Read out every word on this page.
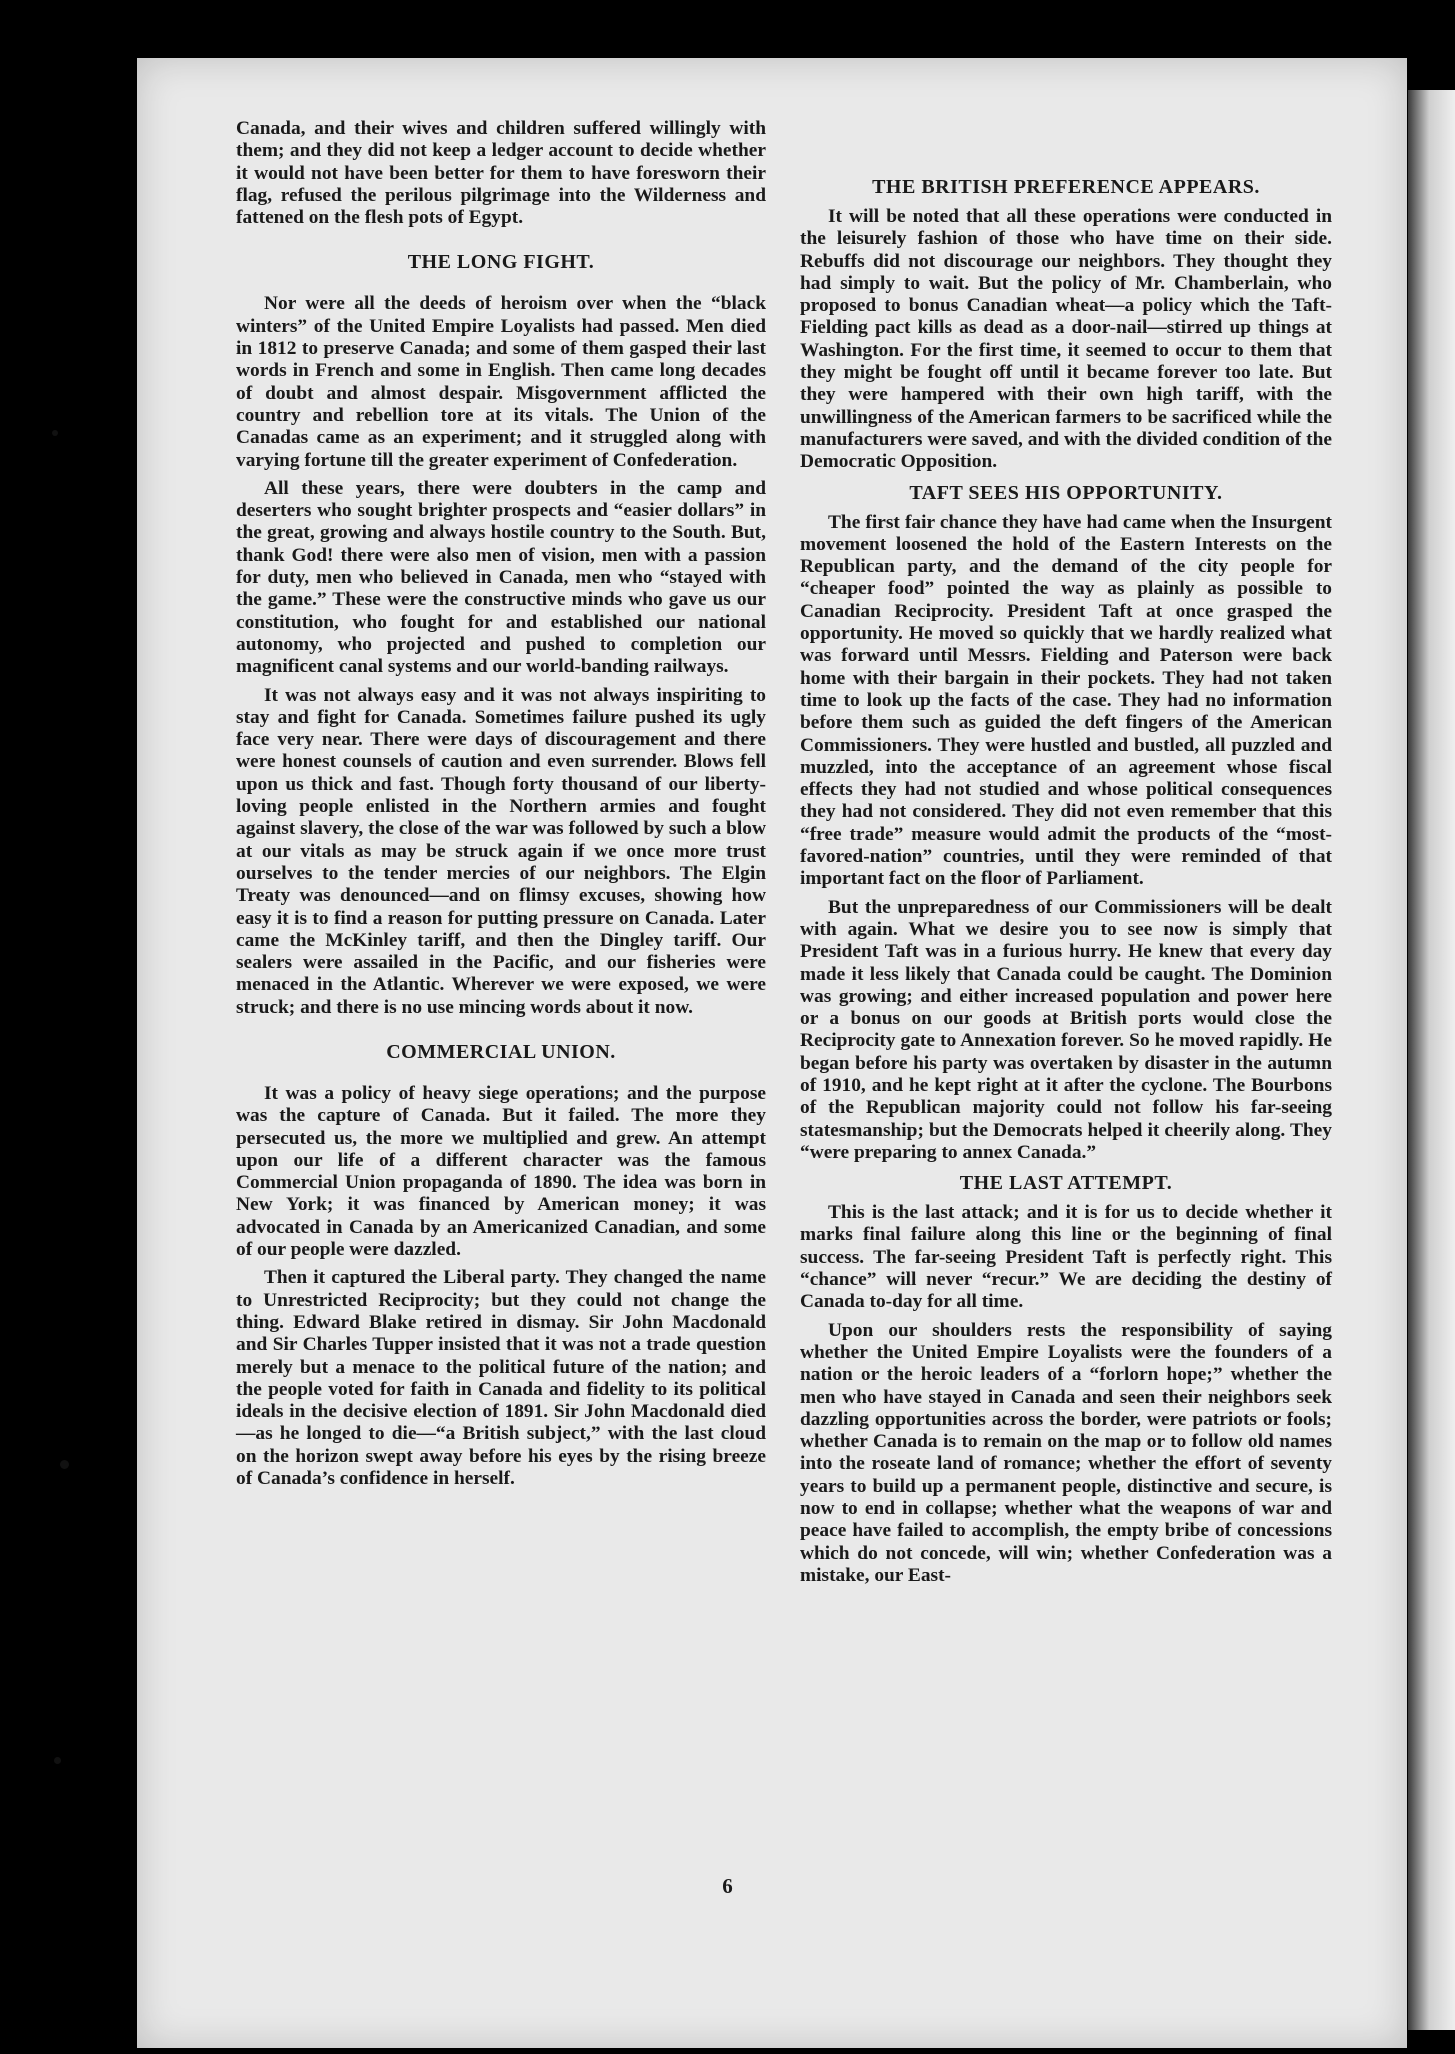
Canada, and their wives and children suffered willingly with them; and they did not keep a ledger account to decide whether it would not have been better for them to have foresworn their flag, refused the perilous pilgrimage into the Wilderness and fattened on the flesh pots of Egypt.

THE LONG FIGHT.

Nor were all the deeds of heroism over when the “black winters” of the United Empire Loyalists had passed. Men died in 1812 to preserve Canada; and some of them gasped their last words in French and some in English. Then came long decades of doubt and almost despair. Misgovernment afflicted the country and rebellion tore at its vitals. The Union of the Canadas came as an experiment; and it struggled along with varying fortune till the greater experiment of Confederation.

All these years, there were doubters in the camp and deserters who sought brighter prospects and “easier dollars” in the great, growing and always hostile country to the South. But, thank God! there were also men of vision, men with a passion for duty, men who believed in Canada, men who “stayed with the game.” These were the constructive minds who gave us our constitution, who fought for and established our national autonomy, who projected and pushed to completion our magnificent canal systems and our world-banding railways.

It was not always easy and it was not always inspiriting to stay and fight for Canada. Sometimes failure pushed its ugly face very near. There were days of discouragement and there were honest counsels of caution and even surrender. Blows fell upon us thick and fast. Though forty thousand of our liberty-loving people enlisted in the Northern armies and fought against slavery, the close of the war was followed by such a blow at our vitals as may be struck again if we once more trust ourselves to the tender mercies of our neighbors. The Elgin Treaty was denounced—and on flimsy excuses, showing how easy it is to find a reason for putting pressure on Canada. Later came the McKinley tariff, and then the Dingley tariff. Our sealers were assailed in the Pacific, and our fisheries were menaced in the Atlantic. Wherever we were exposed, we were struck; and there is no use mincing words about it now.

COMMERCIAL UNION.

It was a policy of heavy siege operations; and the purpose was the capture of Canada. But it failed. The more they persecuted us, the more we multiplied and grew. An attempt upon our life of a different character was the famous Commercial Union propaganda of 1890. The idea was born in New York; it was financed by American money; it was advocated in Canada by an Americanized Canadian, and some of our people were dazzled.

Then it captured the Liberal party. They changed the name to Unrestricted Reciprocity; but they could not change the thing. Edward Blake retired in dismay. Sir John Macdonald and Sir Charles Tupper insisted that it was not a trade question merely but a menace to the political future of the nation; and the people voted for faith in Canada and fidelity to its political ideals in the decisive election of 1891. Sir John Macdonald died—as he longed to die—“a British subject,” with the last cloud on the horizon swept away before his eyes by the rising breeze of Canada’s confidence in herself.

THE BRITISH PREFERENCE APPEARS.

It will be noted that all these operations were conducted in the leisurely fashion of those who have time on their side. Rebuffs did not discourage our neighbors. They thought they had simply to wait. But the policy of Mr. Chamberlain, who proposed to bonus Canadian wheat—a policy which the Taft-Fielding pact kills as dead as a door-nail—stirred up things at Washington. For the first time, it seemed to occur to them that they might be fought off until it became forever too late. But they were hampered with their own high tariff, with the unwillingness of the American farmers to be sacrificed while the manufacturers were saved, and with the divided condition of the Democratic Opposition.

TAFT SEES HIS OPPORTUNITY.

The first fair chance they have had came when the Insurgent movement loosened the hold of the Eastern Interests on the Republican party, and the demand of the city people for “cheaper food” pointed the way as plainly as possible to Canadian Reciprocity. President Taft at once grasped the opportunity. He moved so quickly that we hardly realized what was forward until Messrs. Fielding and Paterson were back home with their bargain in their pockets. They had not taken time to look up the facts of the case. They had no information before them such as guided the deft fingers of the American Commissioners. They were hustled and bustled, all puzzled and muzzled, into the acceptance of an agreement whose fiscal effects they had not studied and whose political consequences they had not considered. They did not even remember that this “free trade” measure would admit the products of the “most-favored-nation” countries, until they were reminded of that important fact on the floor of Parliament.

But the unpreparedness of our Commissioners will be dealt with again. What we desire you to see now is simply that President Taft was in a furious hurry. He knew that every day made it less likely that Canada could be caught. The Dominion was growing; and either increased population and power here or a bonus on our goods at British ports would close the Reciprocity gate to Annexation forever. So he moved rapidly. He began before his party was overtaken by disaster in the autumn of 1910, and he kept right at it after the cyclone. The Bourbons of the Republican majority could not follow his far-seeing statesmanship; but the Democrats helped it cheerily along. They “were preparing to annex Canada.”

THE LAST ATTEMPT.

This is the last attack; and it is for us to decide whether it marks final failure along this line or the beginning of final success. The far-seeing President Taft is perfectly right. This “chance” will never “recur.” We are deciding the destiny of Canada to-day for all time.

Upon our shoulders rests the responsibility of saying whether the United Empire Loyalists were the founders of a nation or the heroic leaders of a “forlorn hope;” whether the men who have stayed in Canada and seen their neighbors seek dazzling opportunities across the border, were patriots or fools; whether Canada is to remain on the map or to follow old names into the roseate land of romance; whether the effort of seventy years to build up a permanent people, distinctive and secure, is now to end in collapse; whether what the weapons of war and peace have failed to accomplish, the empty bribe of concessions which do not concede, will win; whether Confederation was a mistake, our East-

6
